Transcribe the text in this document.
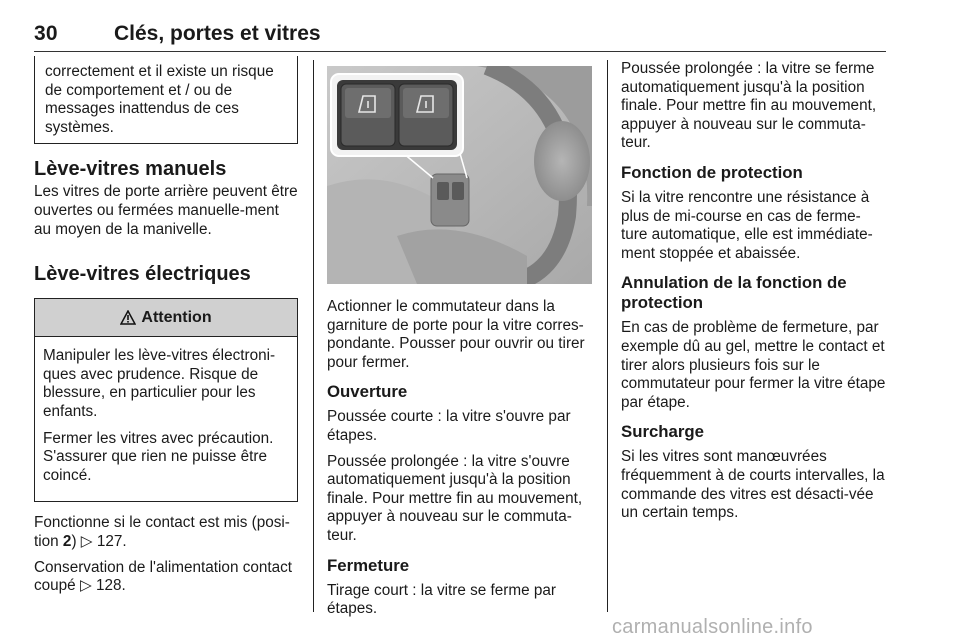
30	Clés, portes et vitres

correctement et il existe un risque de comportement et / ou de messages inattendus de ces systèmes.

Lève-vitres manuels

Les vitres de porte arrière peuvent être ouvertes ou fermées manuelle-ment au moyen de la manivelle.

Lève-vitres électriques
Attention

Manipuler les lève-vitres électroni-ques avec prudence. Risque de blessure, en particulier pour les enfants.

Fermer les vitres avec précaution. S'assurer que rien ne puisse être coincé.

Fonctionne si le contact est mis (posi-tion 2) ▷ 127.

Conservation de l'alimentation contact coupé ▷ 128.

Actionner le commutateur dans la garniture de porte pour la vitre corres-pondante. Pousser pour ouvrir ou tirer pour fermer.

Ouverture

Poussée courte : la vitre s'ouvre par étapes.

Poussée prolongée : la vitre s'ouvre automatiquement jusqu'à la position finale. Pour mettre fin au mouvement, appuyer à nouveau sur le commuta-teur.

Fermeture

Tirage court : la vitre se ferme par étapes.

Poussée prolongée : la vitre se ferme automatiquement jusqu'à la position finale. Pour mettre fin au mouvement, appuyer à nouveau sur le commuta-teur.

Fonction de protection

Si la vitre rencontre une résistance à plus de mi-course en cas de ferme-ture automatique, elle est immédiate-ment stoppée et abaissée.

Annulation de la fonction de protection

En cas de problème de fermeture, par exemple dû au gel, mettre le contact et tirer alors plusieurs fois sur le commutateur pour fermer la vitre étape par étape.

Surcharge

Si les vitres sont manœuvrées fréquemment à de courts intervalles, la commande des vitres est désacti-vée un certain temps.

carmanualsonline.info
